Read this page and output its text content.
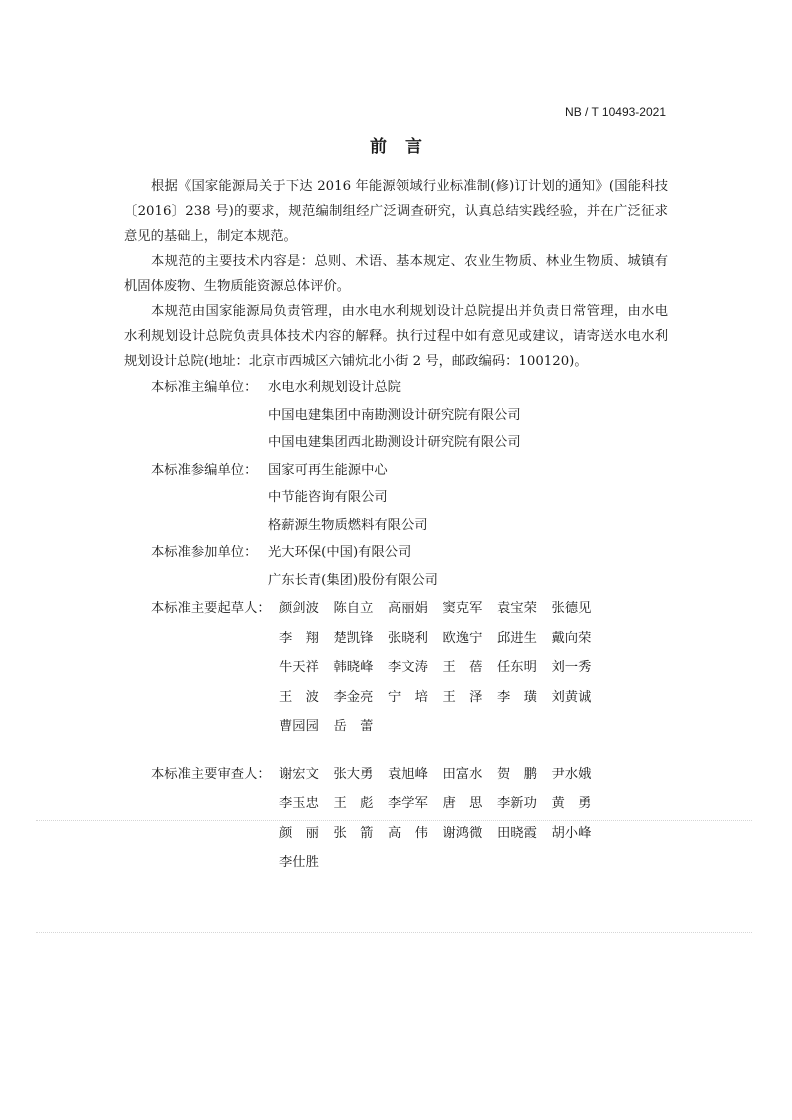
NB / T 10493-2021
前言

根据《国家能源局关于下达 2016 年能源领域行业标准制(修)订计划的通知》(国能科技〔2016〕238 号)的要求，规范编制组经广泛调查研究，认真总结实践经验，并在广泛征求意见的基础上，制定本规范。

本规范的主要技术内容是：总则、术语、基本规定、农业生物质、林业生物质、城镇有机固体废物、生物质能资源总体评价。

本规范由国家能源局负责管理，由水电水利规划设计总院提出并负责日常管理，由水电水利规划设计总院负责具体技术内容的解释。执行过程中如有意见或建议，请寄送水电水利规划设计总院(地址：北京市西城区六铺炕北小街 2 号，邮政编码：100120)。

本标准主编单位： 水电水利规划设计总院
中国电建集团中南勘测设计研究院有限公司
中国电建集团西北勘测设计研究院有限公司
本标准参编单位： 国家可再生能源中心
中节能咨询有限公司
格薪源生物质燃料有限公司
本标准参加单位： 光大环保(中国)有限公司
广东长青(集团)股份有限公司
本标准主要起草人： 颜剑波	陈自立	高丽娟	窦克军	袁宝荣	张德见
李　翔	楚凯锋	张晓利	欧逸宁	邱进生	戴向荣
牛天祥	韩晓峰	李文涛	王　蓓	任东明	刘一秀
王　波	李金亮	宁　培	王　泽	李　璜	刘黄诚
曹园园	岳　蕾
本标准主要审查人： 谢宏文	张大勇	袁旭峰	田富水	贺　鹏	尹水娥
李玉忠	王　彪	李学军	唐　思	李新功	黄　勇
颜　丽	张　箭	高　伟	谢鸿微	田晓霞	胡小峰
李仕胜
